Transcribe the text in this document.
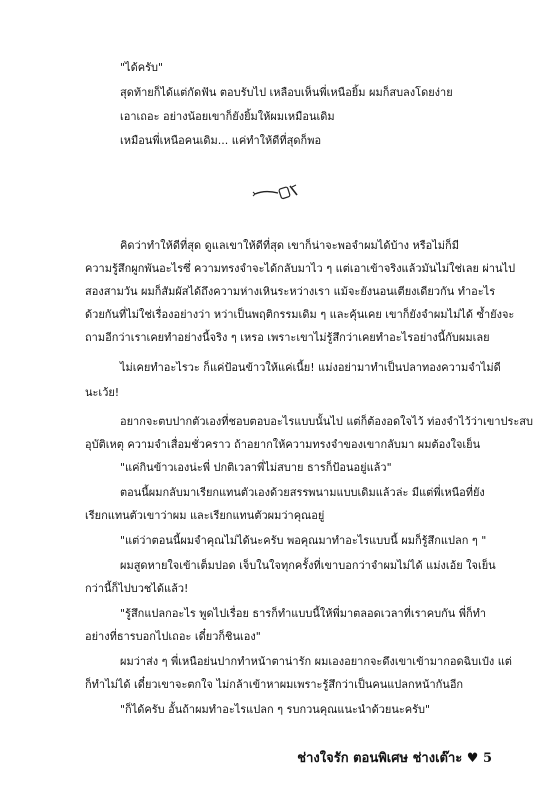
"ได้ครับ"
สุดท้ายก็ได้แต่กัดฟัน ตอบรับไป เหลือบเห็นพี่เหนือยิ้ม ผมก็สบลงโดยง่าย
เอาเถอะ อย่างน้อยเขาก็ยังยิ้มให้ผมเหมือนเดิม
เหมือนพี่เหนือคนเดิม... แค่ทำให้ดีที่สุดก็พอ
คิดว่าทำให้ดีที่สุด ดูแลเขาให้ดีที่สุด เขาก็น่าจะพอจำผมได้บ้าง หรือไม่ก็มี
ความรู้สึกผูกพันอะไรซึ่ ความทรงจำจะได้กลับมาไว ๆ แต่เอาเข้าจริงแล้วมันไม่ใช่เลย ผ่านไป
สองสามวัน ผมก็สัมผัสได้ถึงความห่างเหินระหว่างเรา แม้จะยังนอนเตียงเดียวกัน ทำอะไร
ด้วยกันที่ไม่ใช่เรื่องอย่างว่า หว่าเป็นพฤติกรรมเดิม ๆ และคุ้นเคย เขาก็ยังจำผมไม่ได้ ซ้ำยังจะ
ถามอีกว่าเราเคยทำอย่างนี้จริง ๆ เหรอ เพราะเขาไม่รู้สึกว่าเคยทำอะไรอย่างนี้กับผมเลย
ไม่เคยทำอะไรวะ ก็แค่ป้อนข้าวให้แค่เนี้ย! แม่งอย่ามาทำเป็นปลาทองความจำไม่ดี
นะเว้ย!
อยากจะตบปากตัวเองที่ชอบตอบอะไรแบบนั้นไป แต่ก็ต้องอดใจไว้ ท่องจำไว้ว่าเขาประสบ
อุบัติเหตุ ความจำเสื่อมชั่วคราว ถ้าอยากให้ความทรงจำของเขากลับมา ผมต้องใจเย็น
"แค่กินข้าวเองน่ะพี่ ปกติเวลาพี่ไม่สบาย ธารก็ป้อนอยู่แล้ว"
ตอนนี้ผมกลับมาเรียกแทนตัวเองด้วยสรรพนามแบบเดิมแล้วล่ะ มีแต่พี่เหนือที่ยัง
เรียกแทนตัวเขาว่าผม และเรียกแทนตัวผมว่าคุณอยู่
"แต่ว่าตอนนี้ผมจำคุณไม่ได้นะครับ พอคุณมาทำอะไรแบบนี้ ผมก็รู้สึกแปลก ๆ "
ผมสูดหายใจเข้าเต็มปอด เจ็บในใจทุกครั้งที่เขาบอกว่าจำผมไม่ได้ แม่งเอ้ย ใจเย็น
กว่านี้ก็ไปบวชได้แล้ว!
"รู้สึกแปลกอะไร พูดไปเรื่อย ธารก็ทำแบบนี้ให้พี่มาตลอดเวลาที่เราคบกัน พี่ก็ทำ
อย่างที่ธารบอกไปเถอะ เดี๋ยวก็ชินเอง"
ผมว่าส่ง ๆ พี่เหนือย่นปากทำหน้าตาน่ารัก ผมเองอยากจะดึงเขาเข้ามากอดฉิบเป๋ง แต่
ก็ทำไม่ได้ เดี๋ยวเขาจะตกใจ ไม่กล้าเข้าหาผมเพราะรู้สึกว่าเป็นคนแปลกหน้ากันอีก
"ก็ได้ครับ อั้นถ้าผมทำอะไรแปลก ๆ รบกวนคุณแนะนำด้วยนะครับ"
ช่างใจรัก ตอนพิเศษ ช่างเต๊าะ ♥ 5
